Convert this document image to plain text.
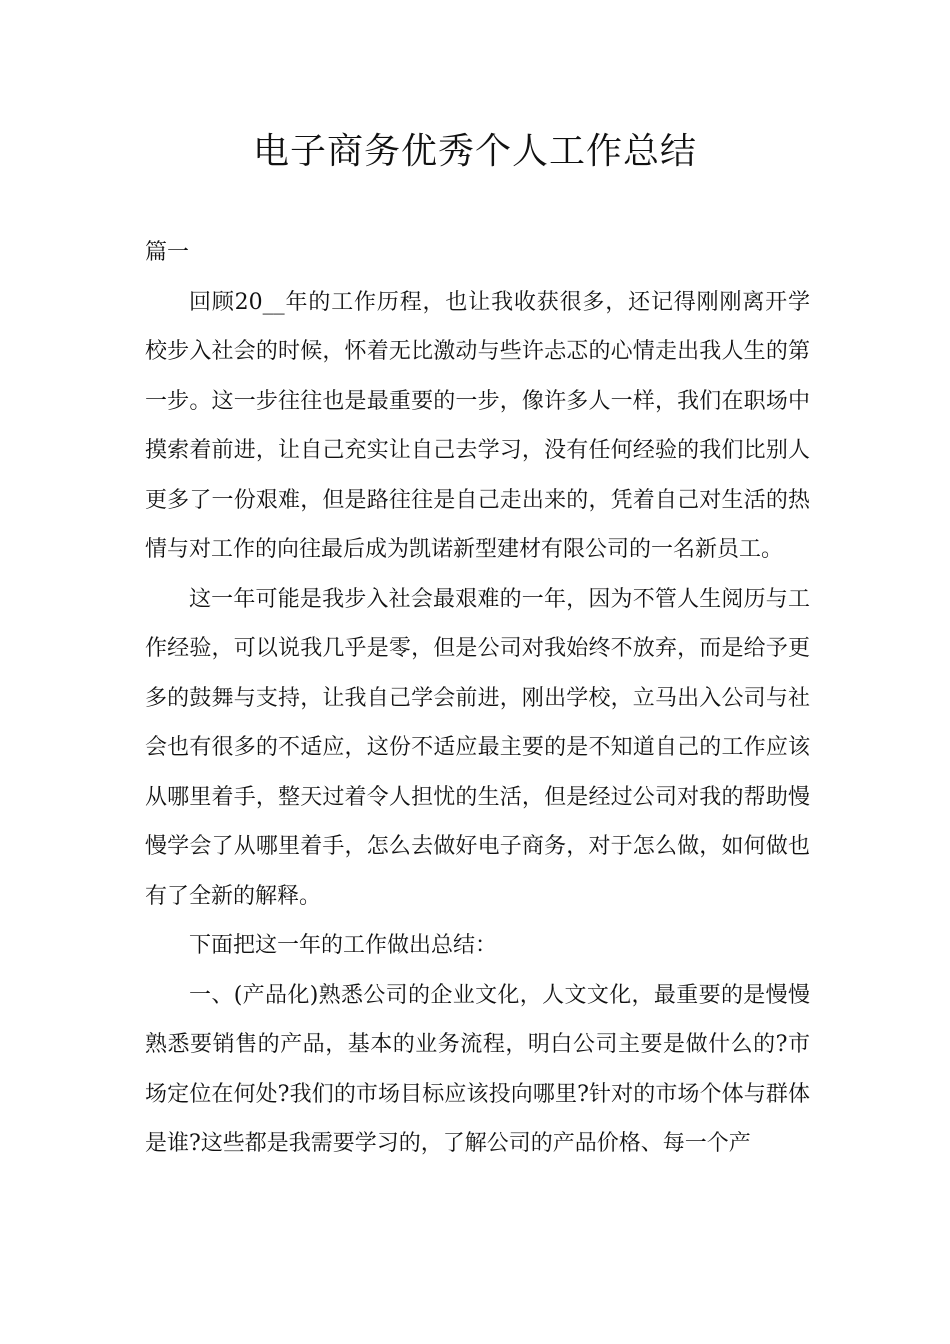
电子商务优秀个人工作总结

篇一

回顾20__年的工作历程，也让我收获很多，还记得刚刚离开学校步入社会的时候，怀着无比激动与些许忐忑的心情走出我人生的第一步。这一步往往也是最重要的一步，像许多人一样，我们在职场中摸索着前进，让自己充实让自己去学习，没有任何经验的我们比别人更多了一份艰难，但是路往往是自己走出来的，凭着自己对生活的热情与对工作的向往最后成为凯诺新型建材有限公司的一名新员工。

这一年可能是我步入社会最艰难的一年，因为不管人生阅历与工作经验，可以说我几乎是零，但是公司对我始终不放弃，而是给予更多的鼓舞与支持，让我自己学会前进，刚出学校，立马出入公司与社会也有很多的不适应，这份不适应最主要的是不知道自己的工作应该从哪里着手，整天过着令人担忧的生活，但是经过公司对我的帮助慢慢学会了从哪里着手，怎么去做好电子商务，对于怎么做，如何做也有了全新的解释。

下面把这一年的工作做出总结：

一、(产品化)熟悉公司的企业文化，人文文化，最重要的是慢慢熟悉要销售的产品，基本的业务流程，明白公司主要是做什么的?市场定位在何处?我们的市场目标应该投向哪里?针对的市场个体与群体是谁?这些都是我需要学习的，了解公司的产品价格、每一个产
